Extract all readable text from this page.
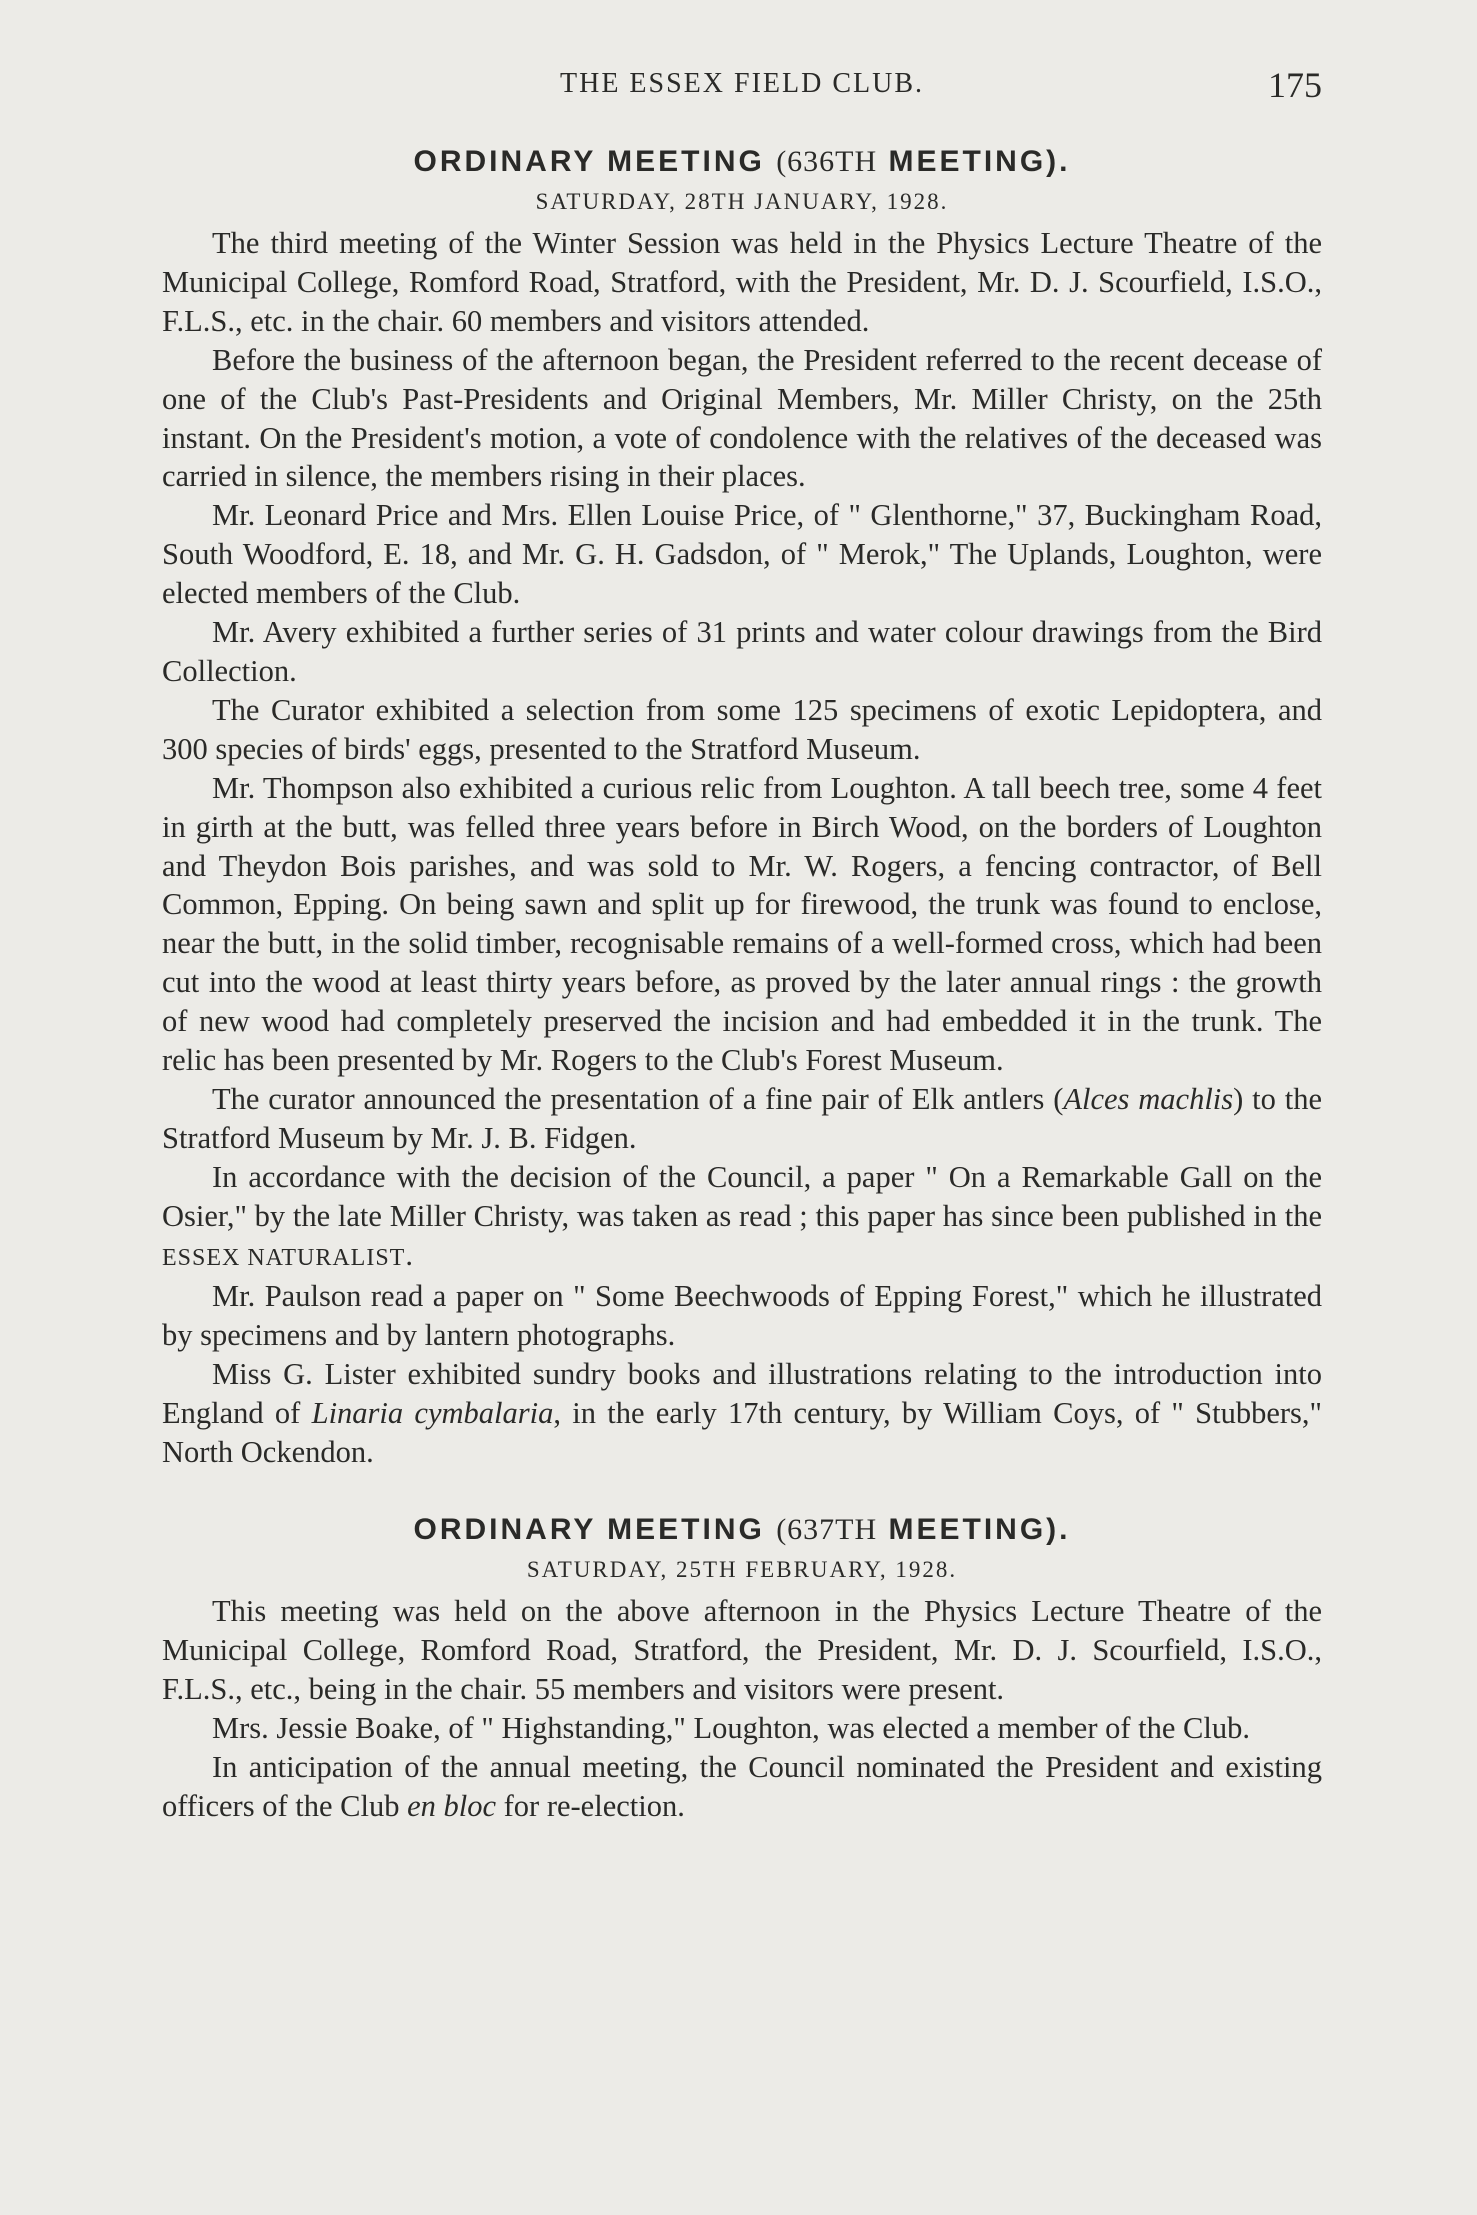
THE ESSEX FIELD CLUB.	175
ORDINARY MEETING (636TH MEETING).
SATURDAY, 28TH JANUARY, 1928.

The third meeting of the Winter Session was held in the Physics Lecture Theatre of the Municipal College, Romford Road, Stratford, with the President, Mr. D. J. Scourfield, I.S.O., F.L.S., etc. in the chair. 60 members and visitors attended.

Before the business of the afternoon began, the President referred to the recent decease of one of the Club's Past-Presidents and Original Members, Mr. Miller Christy, on the 25th instant. On the President's motion, a vote of condolence with the relatives of the deceased was carried in silence, the members rising in their places.

Mr. Leonard Price and Mrs. Ellen Louise Price, of " Glenthorne," 37, Buckingham Road, South Woodford, E. 18, and Mr. G. H. Gadsdon, of " Merok," The Uplands, Loughton, were elected members of the Club.

Mr. Avery exhibited a further series of 31 prints and water colour drawings from the Bird Collection.

The Curator exhibited a selection from some 125 specimens of exotic Lepidoptera, and 300 species of birds' eggs, presented to the Stratford Museum.

Mr. Thompson also exhibited a curious relic from Loughton. A tall beech tree, some 4 feet in girth at the butt, was felled three years before in Birch Wood, on the borders of Loughton and Theydon Bois parishes, and was sold to Mr. W. Rogers, a fencing contractor, of Bell Common, Epping. On being sawn and split up for firewood, the trunk was found to enclose, near the butt, in the solid timber, recognisable remains of a well-formed cross, which had been cut into the wood at least thirty years before, as proved by the later annual rings : the growth of new wood had completely preserved the incision and had embedded it in the trunk. The relic has been presented by Mr. Rogers to the Club's Forest Museum.

The curator announced the presentation of a fine pair of Elk antlers (Alces machlis) to the Stratford Museum by Mr. J. B. Fidgen.

In accordance with the decision of the Council, a paper " On a Remarkable Gall on the Osier," by the late Miller Christy, was taken as read ; this paper has since been published in the ESSEX NATURALIST.

Mr. Paulson read a paper on " Some Beechwoods of Epping Forest," which he illustrated by specimens and by lantern photographs.

Miss G. Lister exhibited sundry books and illustrations relating to the introduction into England of Linaria cymbalaria, in the early 17th century, by William Coys, of " Stubbers," North Ockendon.

ORDINARY MEETING (637TH MEETING).
SATURDAY, 25TH FEBRUARY, 1928.

This meeting was held on the above afternoon in the Physics Lecture Theatre of the Municipal College, Romford Road, Stratford, the President, Mr. D. J. Scourfield, I.S.O., F.L.S., etc., being in the chair. 55 members and visitors were present.

Mrs. Jessie Boake, of " Highstanding," Loughton, was elected a member of the Club.

In anticipation of the annual meeting, the Council nominated the President and existing officers of the Club en bloc for re-election.
